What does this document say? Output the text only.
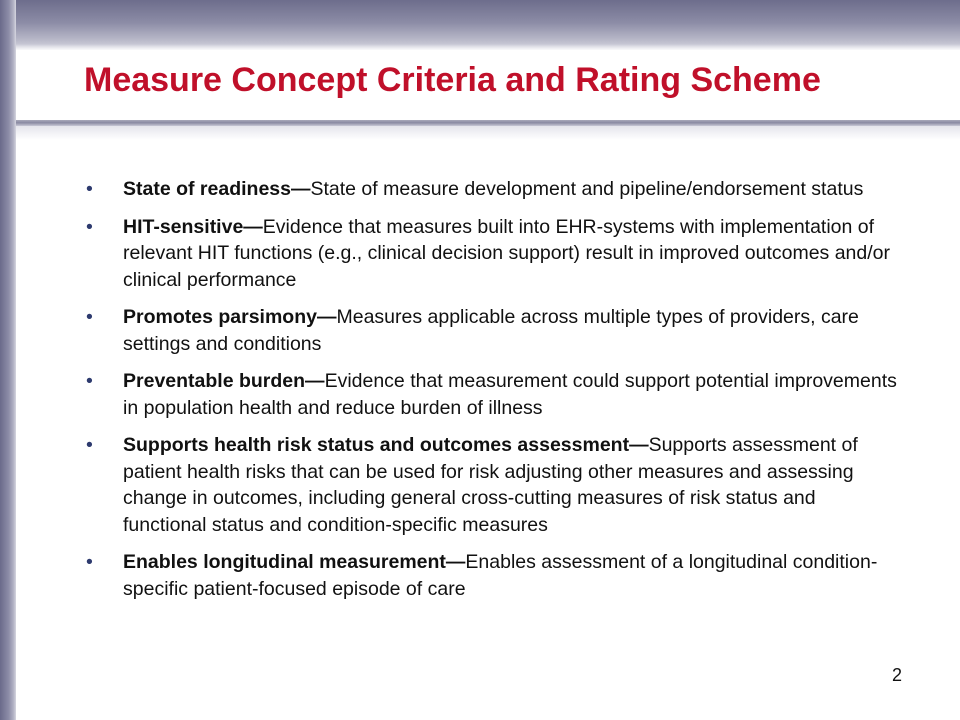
Measure Concept Criteria and Rating Scheme
• State of readiness—State of measure development and pipeline/endorsement status
• HIT-sensitive—Evidence that measures built into EHR-systems with implementation of relevant HIT functions (e.g., clinical decision support) result in improved outcomes and/or clinical performance
• Promotes parsimony—Measures applicable across multiple types of providers, care settings and conditions
• Preventable burden—Evidence that measurement could support potential improvements in population health and reduce burden of illness
• Supports health risk status and outcomes assessment—Supports assessment of patient health risks that can be used for risk adjusting other measures and assessing change in outcomes, including general cross-cutting measures of risk status and functional status and condition-specific measures
• Enables longitudinal measurement—Enables assessment of a longitudinal condition-specific patient-focused episode of care
2
